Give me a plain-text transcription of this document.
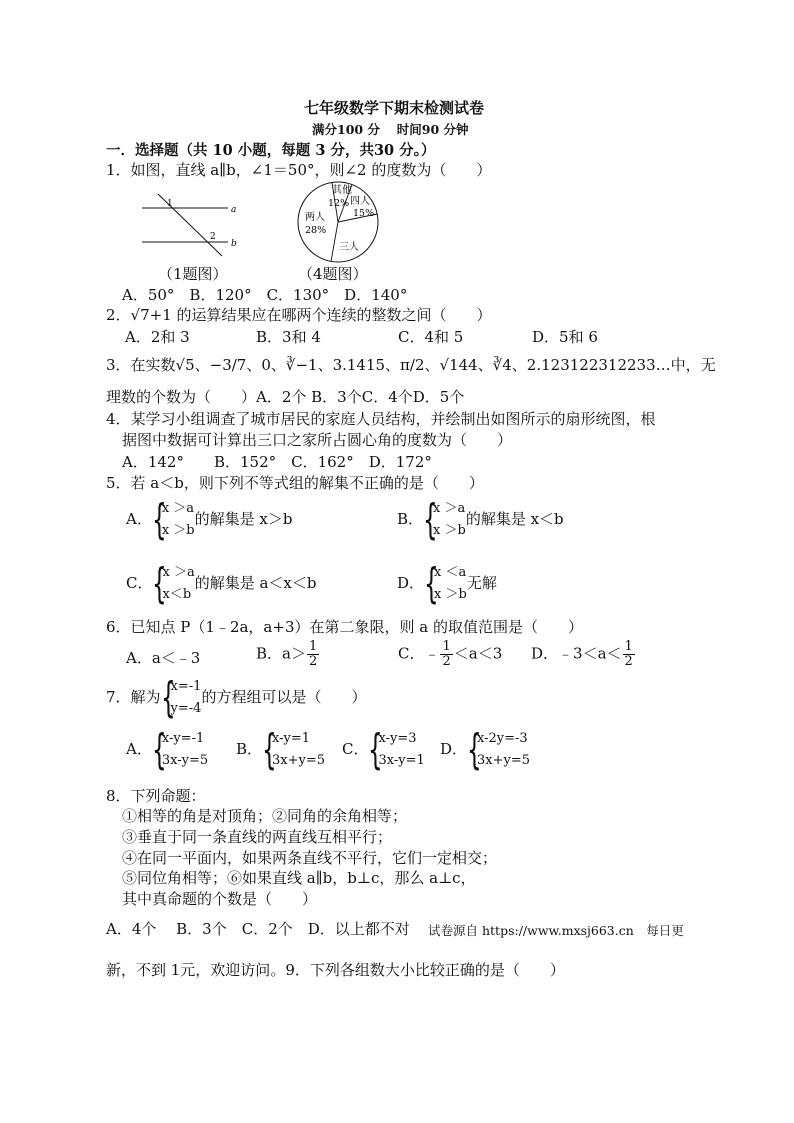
七年级数学下期末检测试卷
满分100 分　 时间90 分钟
一．选择题（共 10 小题，每题 3 分，共30 分。）
1．如图，直线 a∥b，∠1＝50°，则∠2 的度数为（　　）
a
b
1
2
其他
12% 四人
15%
两人
28%
三人
（1题图）	（4题图）
A．50°　B．120°　C．130°　D．140°
2．√7+1 的运算结果应在哪两个连续的整数之间（　　）
A．2和 3	B．3和 4	C．4和 5	D．5和 6
3．在实数√5、−3/7、0、∛−1、3.1415、π/2、√144、∛4、2.123122312233…中，无
理数的个数为（　　）A．2个 B．3个C．4个D．5个
4．某学习小组调查了城市居民的家庭人员结构，并绘制出如图所示的扇形统图，根
据图中数据可计算出三口之家所占圆心角的度数为（　　）
A．142°　　B．152°　C．162°　D．172°
5．若 a＜b，则下列不等式组的解集不正确的是（　　）
A． {
x ＞a
x ＞b
的解集是 x＞b	B． {
x ＞a
x ＞b
的解集是 x＜b
C． {
x ＞a
x＜b
的解集是 a＜x＜b	D． {
x ＜a
x ＞b
无解
6．已知点 P（1﹣2a，a+3）在第二象限，则 a 的取值范围是（　　）
A．a＜﹣3	B．$a> \frac{1}{2}$	C．﹣ $\frac{1}{2} <a<3$ D．﹣3＜a＜ $\frac{1}{2}$
7．解为 {
x=-1
y=-4
的方程组可以是（　　）
A． {
x-y=-1
3x-y=5
B． {
x-y=1
3x+y=5
C． {
x-y=3
3x-y=1
D． {
x-2y=-3
3x+y=5
8．下列命题：
①相等的角是对顶角；②同角的余角相等；
③垂直于同一条直线的两直线互相平行；
④在同一平面内，如果两条直线不平行，它们一定相交；
⑤同位角相等；⑥如果直线 a∥b，b⊥c，那么 a⊥c，
其中真命题的个数是（　　）
A．4个　 B．3个　C．2个　D．以上都不对 试卷源自 https://www.mxsj663.cn　每日更
新，不到 1元，欢迎访问。9．下列各组数大小比较正确的是（　　）
